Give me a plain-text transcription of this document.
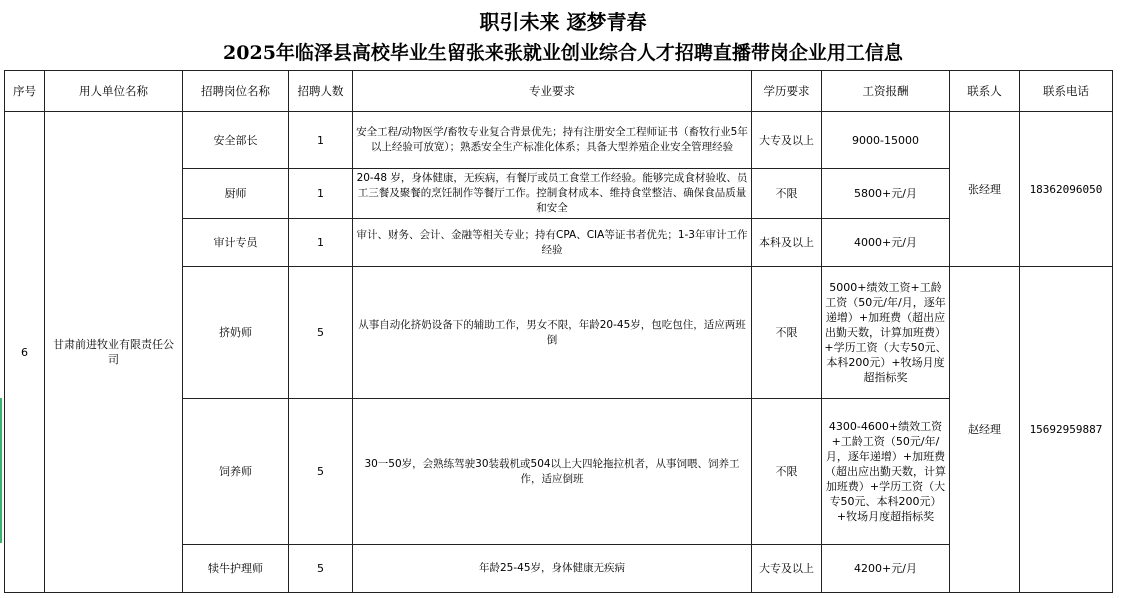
职引未来 逐梦青春
2025年临泽县高校毕业生留张来张就业创业综合人才招聘直播带岗企业用工信息
序号	用人单位名称	招聘岗位名称	招聘人数	专业要求	学历要求	工资报酬	联系人	联系电话
6	甘肃前进牧业有限责任公司	安全部长	1	安全工程/动物医学/畜牧专业复合背景优先；持有注册安全工程师证书（畜牧行业5年以上经验可放宽）；熟悉安全生产标准化体系；具备大型养殖企业安全管理经验	大专及以上	9000-15000	张经理	18362096050
		厨师	1	20-48 岁，身体健康，无疾病，有餐厅或员工食堂工作经验。能够完成食材验收、员工三餐及聚餐的烹饪制作等餐厅工作。控制食材成本、维持食堂整洁、确保食品质量和安全	不限	5800+元/月		
		审计专员	1	审计、财务、会计、金融等相关专业；持有CPA、CIA等证书者优先；1-3年审计工作经验	本科及以上	4000+元/月		
		挤奶师	5	从事自动化挤奶设备下的辅助工作，男女不限，年龄20-45岁，包吃包住，适应两班倒	不限	5000+绩效工资+工龄工资（50元/年/月，逐年递增）+加班费（超出应出勤天数，计算加班费）+学历工资（大专50元、本科200元）+牧场月度超指标奖	赵经理	15692959887
		饲养师	5	30一50岁，会熟练驾驶30装载机或504以上大四轮拖拉机者，从事饲喂、饲养工作，适应倒班	不限	4300-4600+绩效工资+工龄工资（50元/年/月，逐年递增）+加班费（超出应出勤天数，计算加班费）+学历工资（大专50元、本科200元）+牧场月度超指标奖		
		犊牛护理师	5	年龄25-45岁，身体健康无疾病	大专及以上	4200+元/月		
